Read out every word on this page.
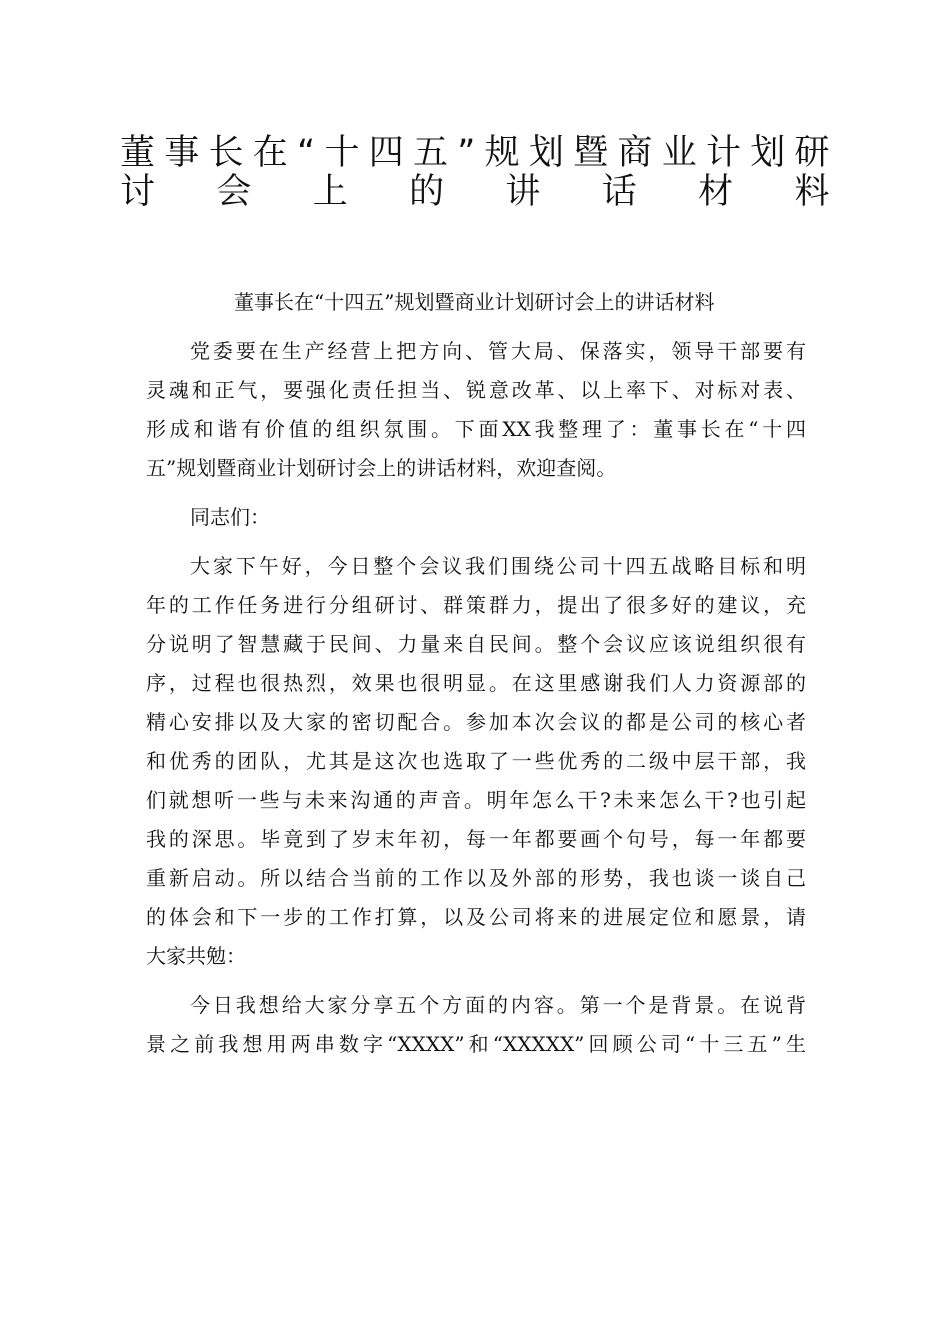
董事长在“十四五”规划暨商业计划研
讨会上的讲话材料
董事长在“十四五”规划暨商业计划研讨会上的讲话材料
党委要在生产经营上把方向、管大局、保落实，领导干部要有
灵魂和正气，要强化责任担当、锐意改革、以上率下、对标对表、
形成和谐有价值的组织氛围。下面XX我整理了：董事长在“十四
五”规划暨商业计划研讨会上的讲话材料，欢迎查阅。
同志们：
大家下午好，今日整个会议我们围绕公司十四五战略目标和明
年的工作任务进行分组研讨、群策群力，提出了很多好的建议，充
分说明了智慧藏于民间、力量来自民间。整个会议应该说组织很有
序，过程也很热烈，效果也很明显。在这里感谢我们人力资源部的
精心安排以及大家的密切配合。参加本次会议的都是公司的核心者
和优秀的团队，尤其是这次也选取了一些优秀的二级中层干部，我
们就想听一些与未来沟通的声音。明年怎么干?未来怎么干?也引起
我的深思。毕竟到了岁末年初，每一年都要画个句号，每一年都要
重新启动。所以结合当前的工作以及外部的形势，我也谈一谈自己
的体会和下一步的工作打算，以及公司将来的进展定位和愿景，请
大家共勉：
今日我想给大家分享五个方面的内容。第一个是背景。在说背
景之前我想用两串数字“XXXX”和“XXXXX”回顾公司“十三五”生
